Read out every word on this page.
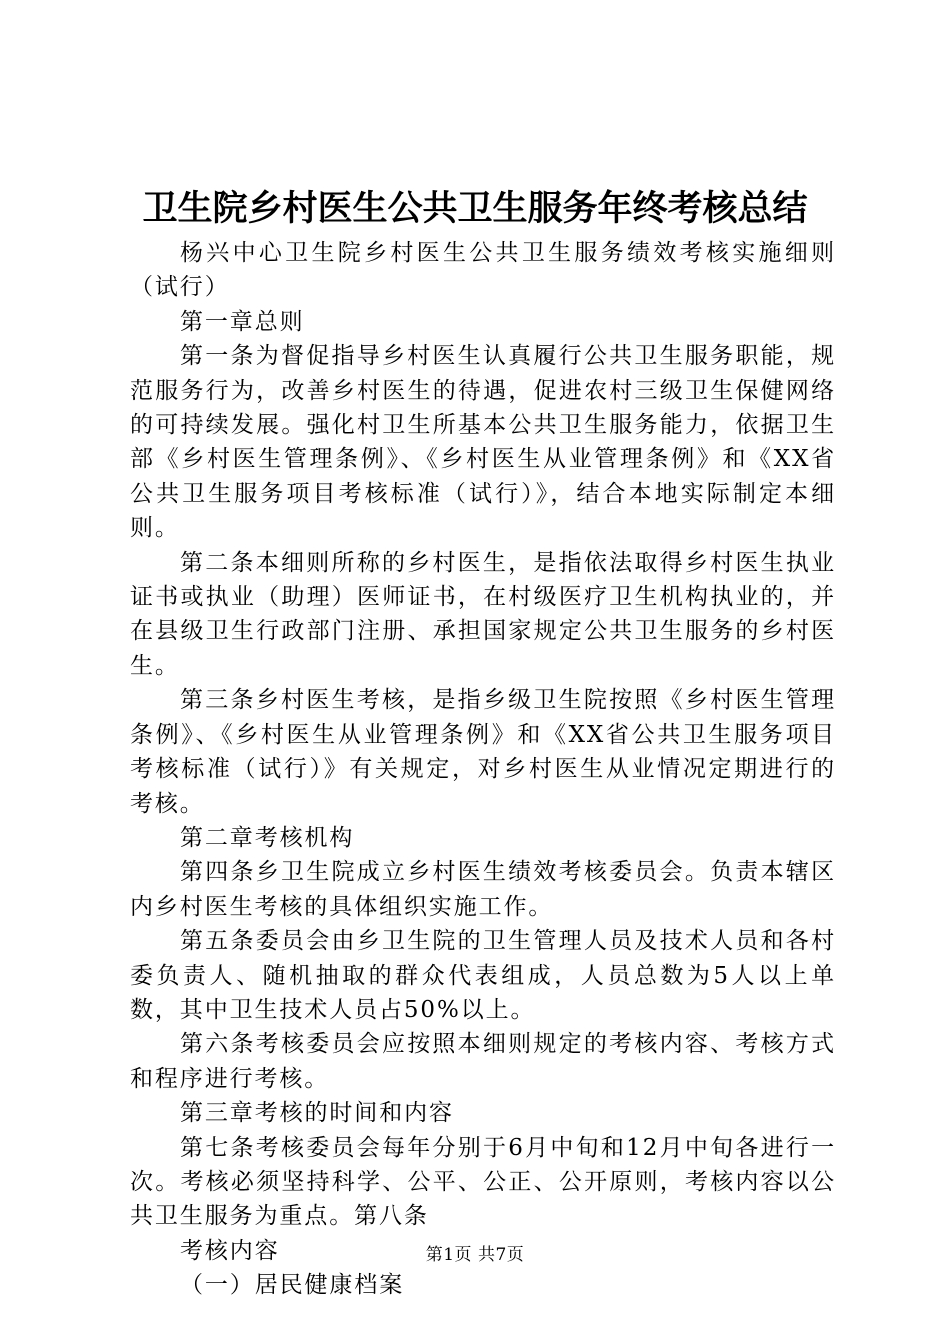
卫生院乡村医生公共卫生服务年终考核总结

杨兴中心卫生院乡村医生公共卫生服务绩效考核实施细则（试行）

第一章总则

第一条为督促指导乡村医生认真履行公共卫生服务职能，规范服务行为，改善乡村医生的待遇，促进农村三级卫生保健网络的可持续发展。强化村卫生所基本公共卫生服务能力，依据卫生部《乡村医生管理条例》、《乡村医生从业管理条例》和《XX省公共卫生服务项目考核标准（试行）》，结合本地实际制定本细则。

第二条本细则所称的乡村医生，是指依法取得乡村医生执业证书或执业（助理）医师证书，在村级医疗卫生机构执业的，并在县级卫生行政部门注册、承担国家规定公共卫生服务的乡村医生。

第三条乡村医生考核，是指乡级卫生院按照《乡村医生管理条例》、《乡村医生从业管理条例》和《XX省公共卫生服务项目考核标准（试行）》有关规定，对乡村医生从业情况定期进行的考核。

第二章考核机构

第四条乡卫生院成立乡村医生绩效考核委员会。负责本辖区内乡村医生考核的具体组织实施工作。

第五条委员会由乡卫生院的卫生管理人员及技术人员和各村委负责人、随机抽取的群众代表组成，人员总数为5人以上单数，其中卫生技术人员占50%以上。

第六条考核委员会应按照本细则规定的考核内容、考核方式和程序进行考核。

第三章考核的时间和内容

第七条考核委员会每年分别于6月中旬和12月中旬各进行一次。考核必须坚持科学、公平、公正、公开原则，考核内容以公共卫生服务为重点。第八条

考核内容

（一）居民健康档案

第1页 共7页
